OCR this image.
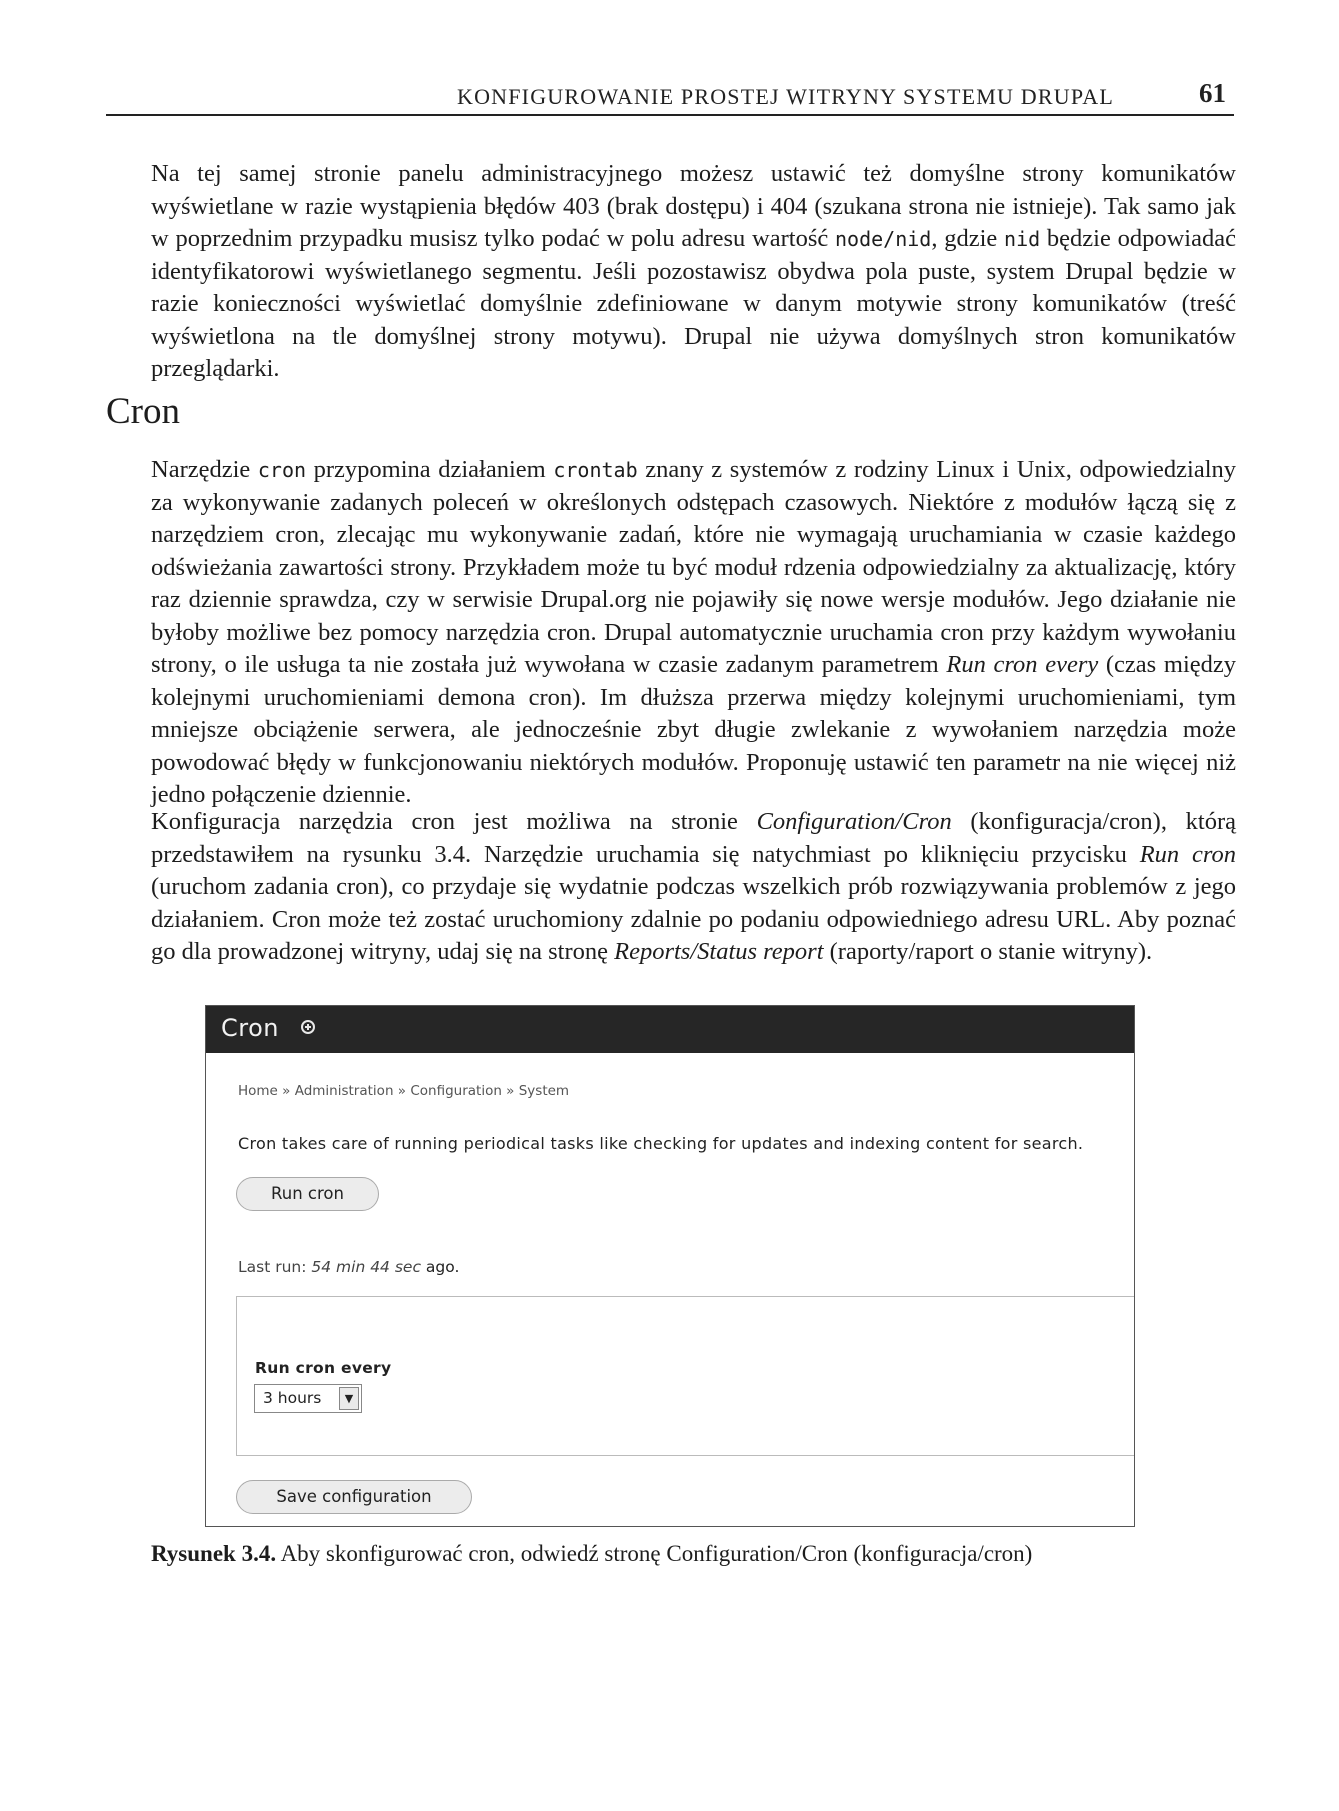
KONFIGUROWANIE PROSTEJ WITRYNY SYSTEMU DRUPAL	61

Na tej samej stronie panelu administracyjnego możesz ustawić też domyślne strony komunikatów wyświetlane w razie wystąpienia błędów 403 (brak dostępu) i 404 (szukana strona nie istnieje). Tak samo jak w poprzednim przypadku musisz tylko podać w polu adresu wartość node/nid, gdzie nid będzie odpowiadać identyfikatorowi wyświetlanego segmentu. Jeśli pozostawisz obydwa pola puste, system Drupal będzie w razie konieczności wyświetlać domyślnie zdefiniowane w danym motywie strony komunikatów (treść wyświetlona na tle domyślnej strony motywu). Drupal nie używa domyślnych stron komunikatów przeglądarki.

Cron

Narzędzie cron przypomina działaniem crontab znany z systemów z rodziny Linux i Unix, odpowiedzialny za wykonywanie zadanych poleceń w określonych odstępach czasowych. Niektóre z modułów łączą się z narzędziem cron, zlecając mu wykonywanie zadań, które nie wymagają uruchamiania w czasie każdego odświeżania zawartości strony. Przykładem może tu być moduł rdzenia odpowiedzialny za aktualizację, który raz dziennie sprawdza, czy w serwisie Drupal.org nie pojawiły się nowe wersje modułów. Jego działanie nie byłoby możliwe bez pomocy narzędzia cron. Drupal automatycznie uruchamia cron przy każdym wywołaniu strony, o ile usługa ta nie została już wywołana w czasie zadanym parametrem Run cron every (czas między kolejnymi uruchomieniami demona cron). Im dłuższa przerwa między kolejnymi uruchomieniami, tym mniejsze obciążenie serwera, ale jednocześnie zbyt długie zwlekanie z wywołaniem narzędzia może powodować błędy w funkcjonowaniu niektórych modułów. Proponuję ustawić ten parametr na nie więcej niż jedno połączenie dziennie.

Konfiguracja narzędzia cron jest możliwa na stronie Configuration/Cron (konfiguracja/cron), którą przedstawiłem na rysunku 3.4. Narzędzie uruchamia się natychmiast po kliknięciu przycisku Run cron (uruchom zadania cron), co przydaje się wydatnie podczas wszelkich prób rozwiązywania problemów z jego działaniem. Cron może też zostać uruchomiony zdalnie po podaniu odpowiedniego adresu URL. Aby poznać go dla prowadzonej witryny, udaj się na stronę Reports/Status report (raporty/raport o stanie witryny).

Cron
Home » Administration » Configuration » System
Cron takes care of running periodical tasks like checking for updates and indexing content for search.
Run cron
Last run: 54 min 44 sec ago.
Run cron every
3 hours	▼
Save configuration

Rysunek 3.4. Aby skonfigurować cron, odwiedź stronę Configuration/Cron (konfiguracja/cron)
